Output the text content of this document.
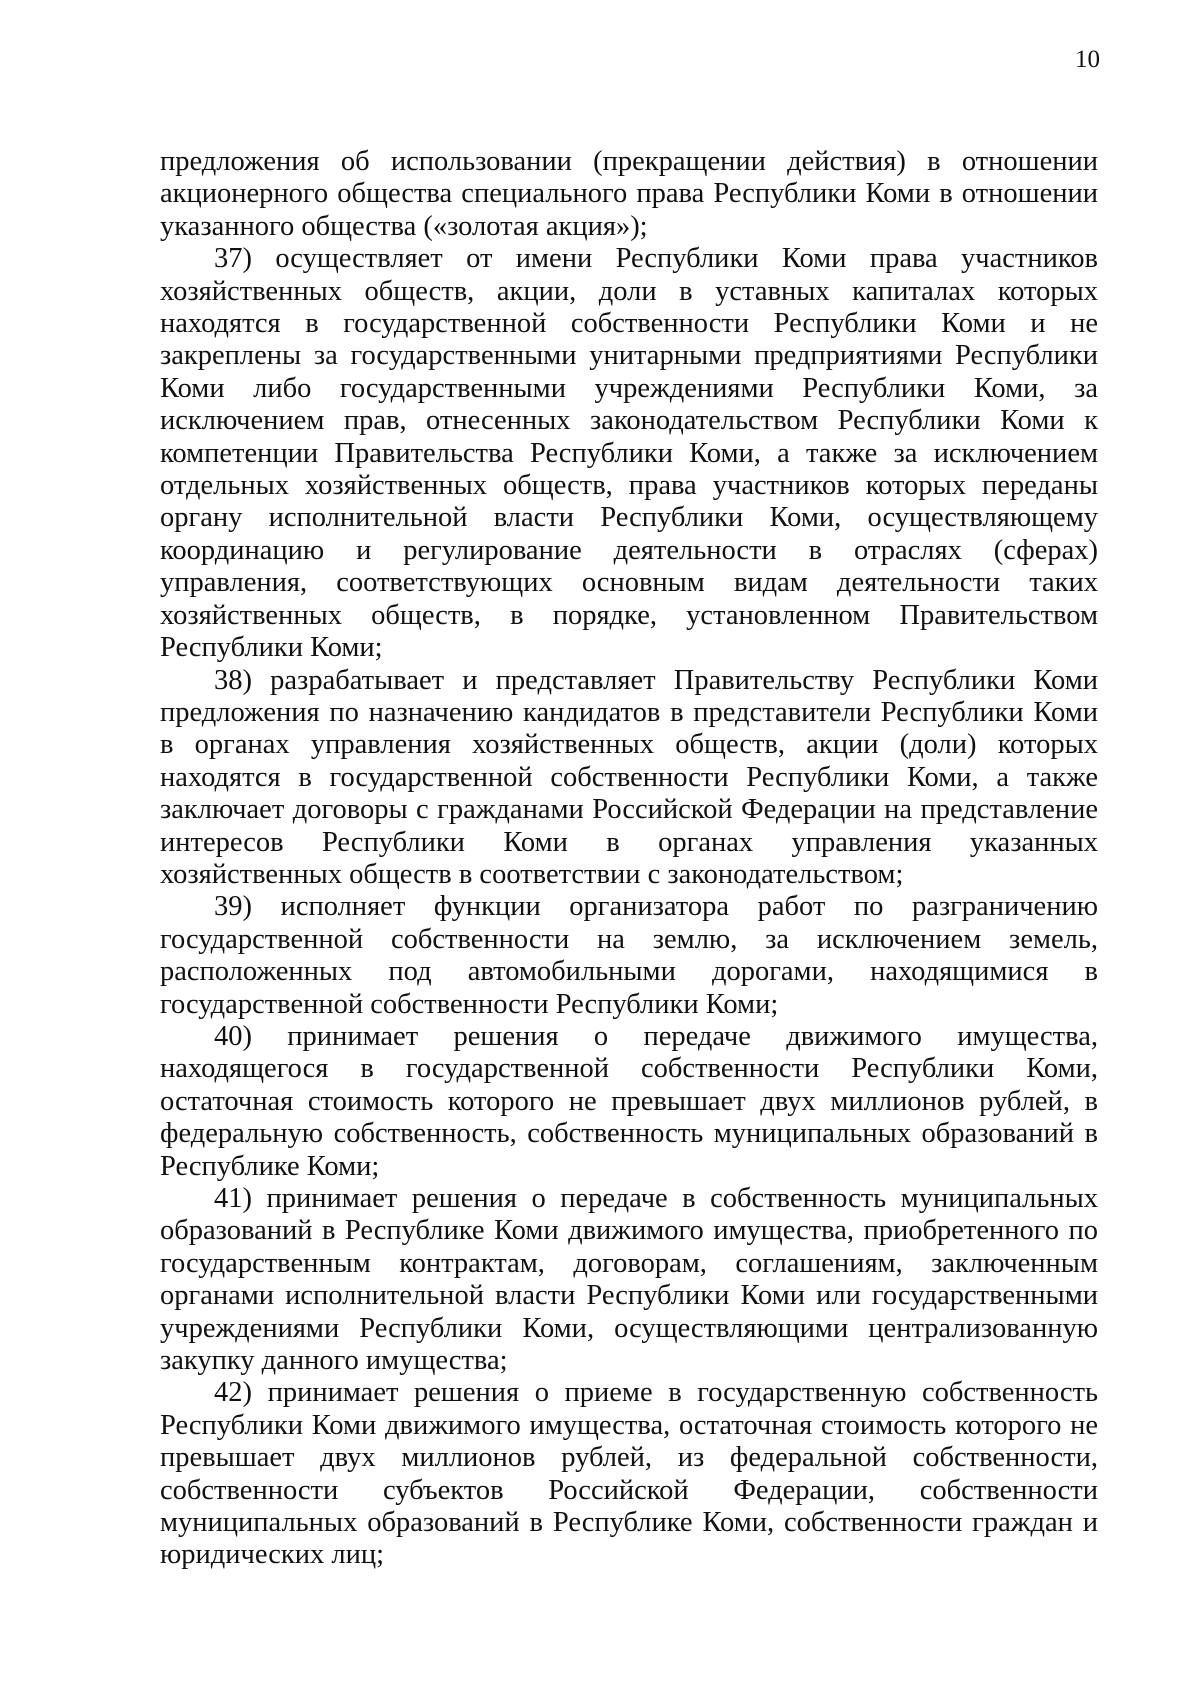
10

предложения об использовании (прекращении действия) в отношении акционерного общества специального права Республики Коми в отношении указанного общества («золотая акция»);

37) осуществляет от имени Республики Коми права участников хозяйственных обществ, акции, доли в уставных капиталах которых находятся в государственной собственности Республики Коми и не закреплены за государственными унитарными предприятиями Республики Коми либо государственными учреждениями Республики Коми, за исключением прав, отнесенных законодательством Республики Коми к компетенции Правительства Республики Коми, а также за исключением отдельных хозяйственных обществ, права участников которых переданы органу исполнительной власти Республики Коми, осуществляющему координацию и регулирование деятельности в отраслях (сферах) управления, соответствующих основным видам деятельности таких хозяйственных обществ, в порядке, установленном Правительством Республики Коми;

38) разрабатывает и представляет Правительству Республики Коми предложения по назначению кандидатов в представители Республики Коми в органах управления хозяйственных обществ, акции (доли) которых находятся в государственной собственности Республики Коми, а также заключает договоры с гражданами Российской Федерации на представление интересов Республики Коми в органах управления указанных хозяйственных обществ в соответствии с законодательством;

39) исполняет функции организатора работ по разграничению государственной собственности на землю, за исключением земель, расположенных под автомобильными дорогами, находящимися в государственной собственности Республики Коми;

40) принимает решения о передаче движимого имущества, находящегося в государственной собственности Республики Коми, остаточная стоимость которого не превышает двух миллионов рублей, в федеральную собственность, собственность муниципальных образований в Республике Коми;

41) принимает решения о передаче в собственность муниципальных образований в Республике Коми движимого имущества, приобретенного по государственным контрактам, договорам, соглашениям, заключенным органами исполнительной власти Республики Коми или государственными учреждениями Республики Коми, осуществляющими централизованную закупку данного имущества;

42) принимает решения о приеме в государственную собственность Республики Коми движимого имущества, остаточная стоимость которого не превышает двух миллионов рублей, из федеральной собственности, собственности субъектов Российской Федерации, собственности муниципальных образований в Республике Коми, собственности граждан и юридических лиц;
